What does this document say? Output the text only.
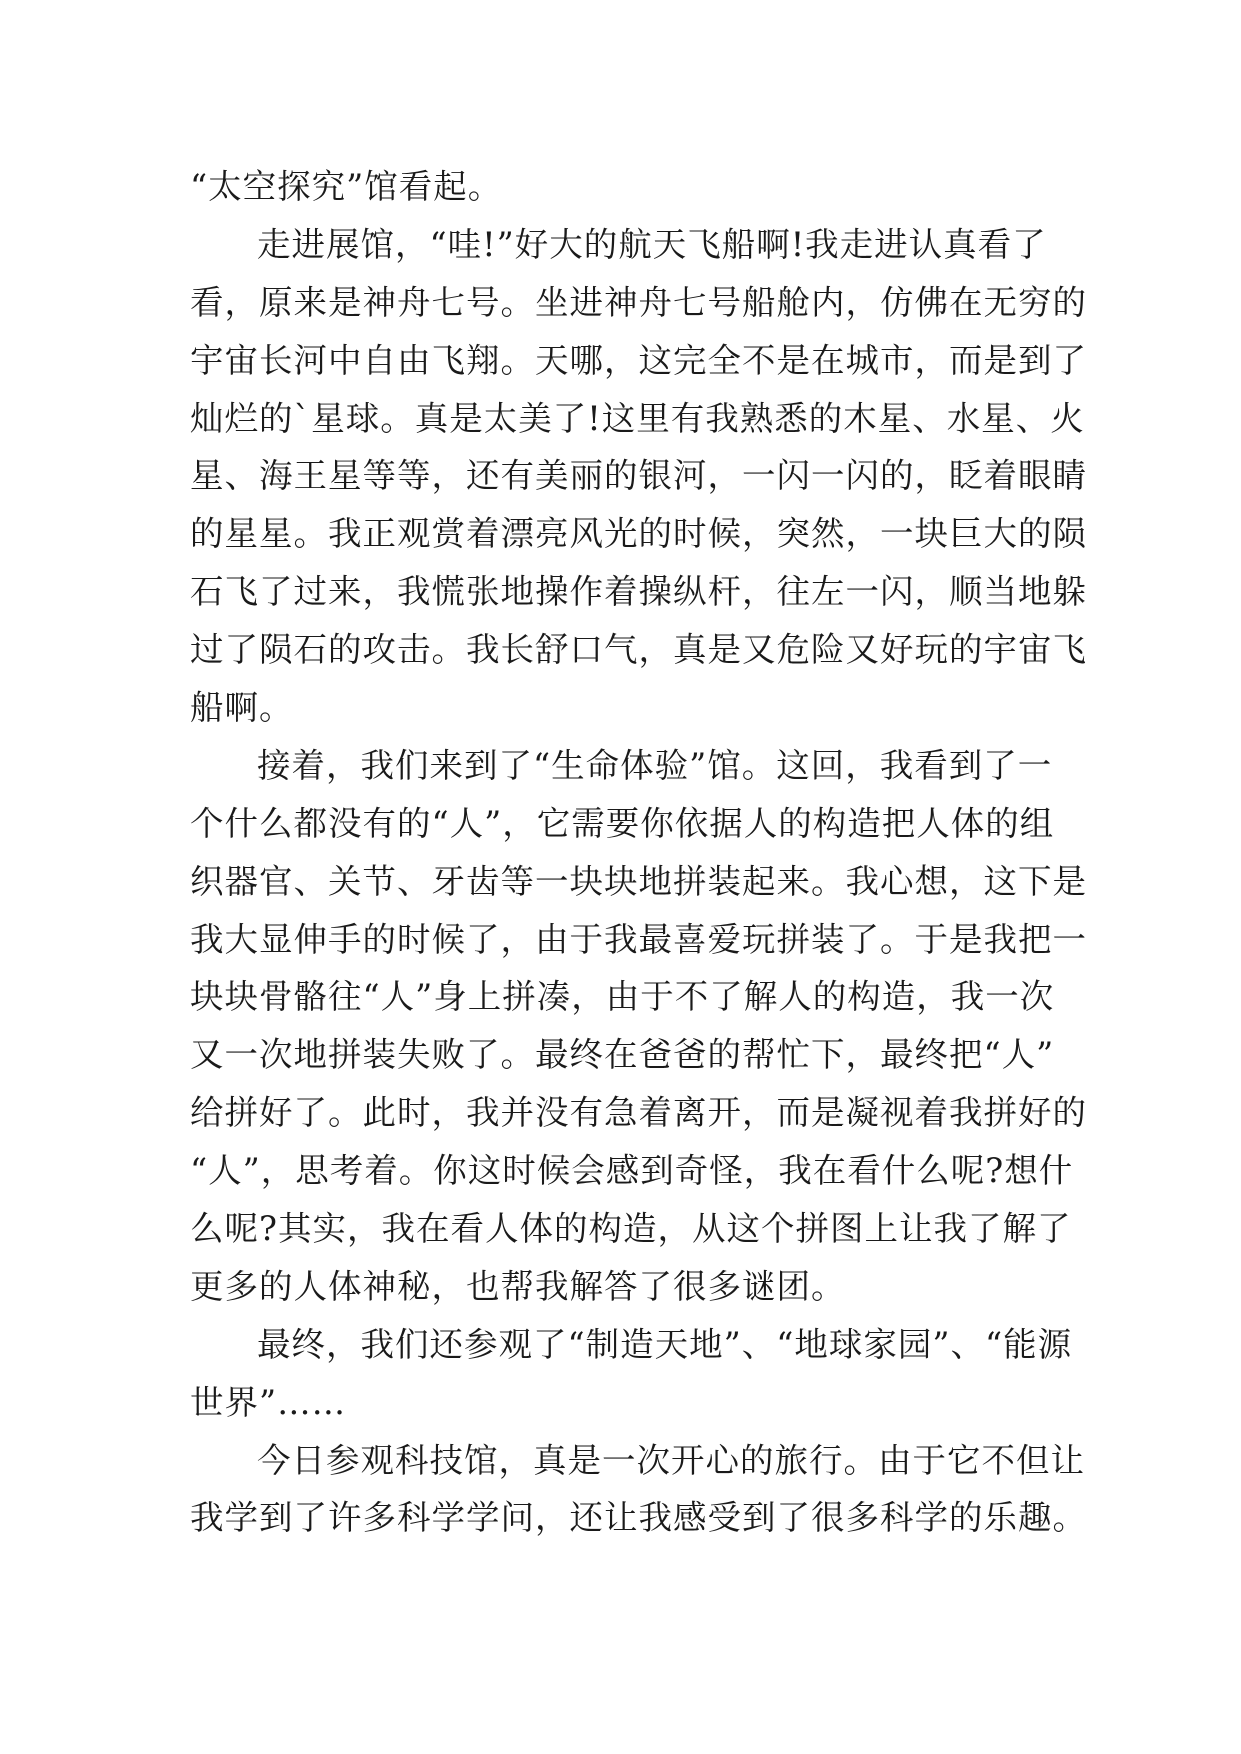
“太空探究”馆看起。
走进展馆，“哇!”好大的航天飞船啊!我走进认真看了
看，原来是神舟七号。坐进神舟七号船舱内，仿佛在无穷的
宇宙长河中自由飞翔。天哪，这完全不是在城市，而是到了
灿烂的`星球。真是太美了!这里有我熟悉的木星、水星、火
星、海王星等等，还有美丽的银河，一闪一闪的，眨着眼睛
的星星。我正观赏着漂亮风光的时候，突然，一块巨大的陨
石飞了过来，我慌张地操作着操纵杆，往左一闪，顺当地躲
过了陨石的攻击。我长舒口气，真是又危险又好玩的宇宙飞
船啊。
接着，我们来到了“生命体验”馆。这回，我看到了一
个什么都没有的“人”，它需要你依据人的构造把人体的组
织器官、关节、牙齿等一块块地拼装起来。我心想，这下是
我大显伸手的时候了，由于我最喜爱玩拼装了。于是我把一
块块骨骼往“人”身上拼凑，由于不了解人的构造，我一次
又一次地拼装失败了。最终在爸爸的帮忙下，最终把“人”
给拼好了。此时，我并没有急着离开，而是凝视着我拼好的
“人”，思考着。你这时候会感到奇怪，我在看什么呢?想什
么呢?其实，我在看人体的构造，从这个拼图上让我了解了
更多的人体神秘，也帮我解答了很多谜团。
最终，我们还参观了“制造天地”、“地球家园”、“能源
世界”……
今日参观科技馆，真是一次开心的旅行。由于它不但让
我学到了许多科学学问，还让我感受到了很多科学的乐趣。
